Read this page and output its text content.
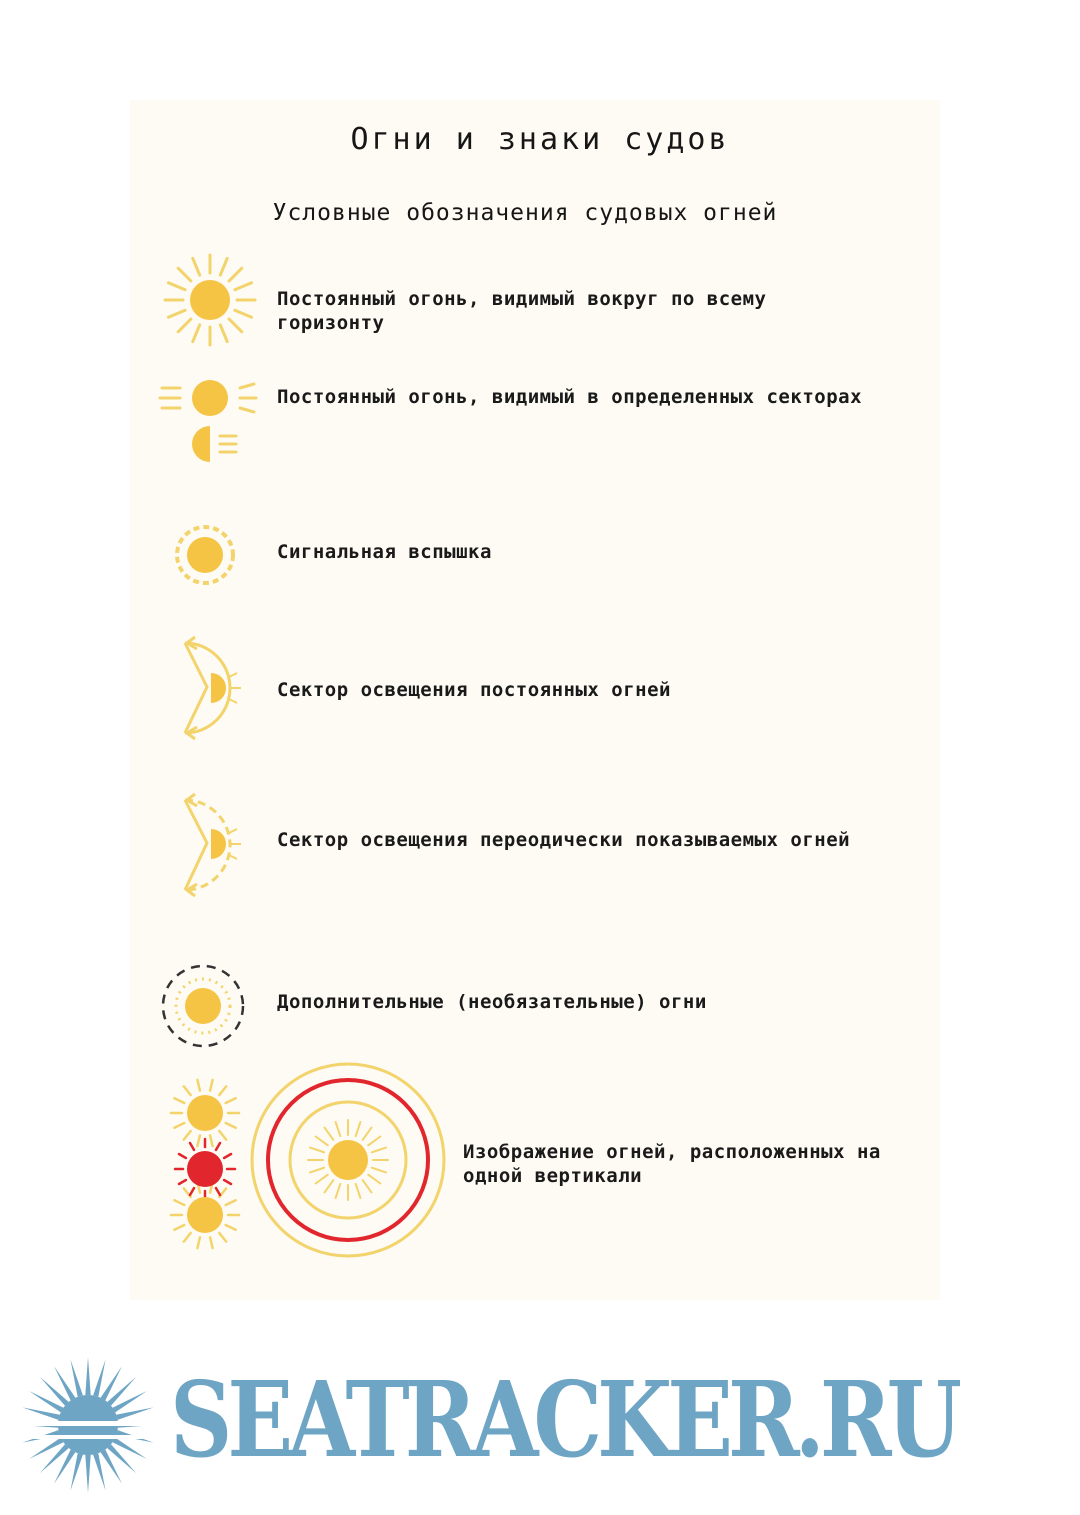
Огни и знаки судов
Условные обозначения судовых огней
Постоянный огонь, видимый вокруг по всему горизонту
Постоянный огонь, видимый в определенных секторах
Сигнальная вспышка
Сектор освещения постоянных огней
Сектор освещения переодически показываемых огней
Дополнительные (необязательные) огни
Изображение огней, расположенных на одной вертикали
SEATRACKER.RU
